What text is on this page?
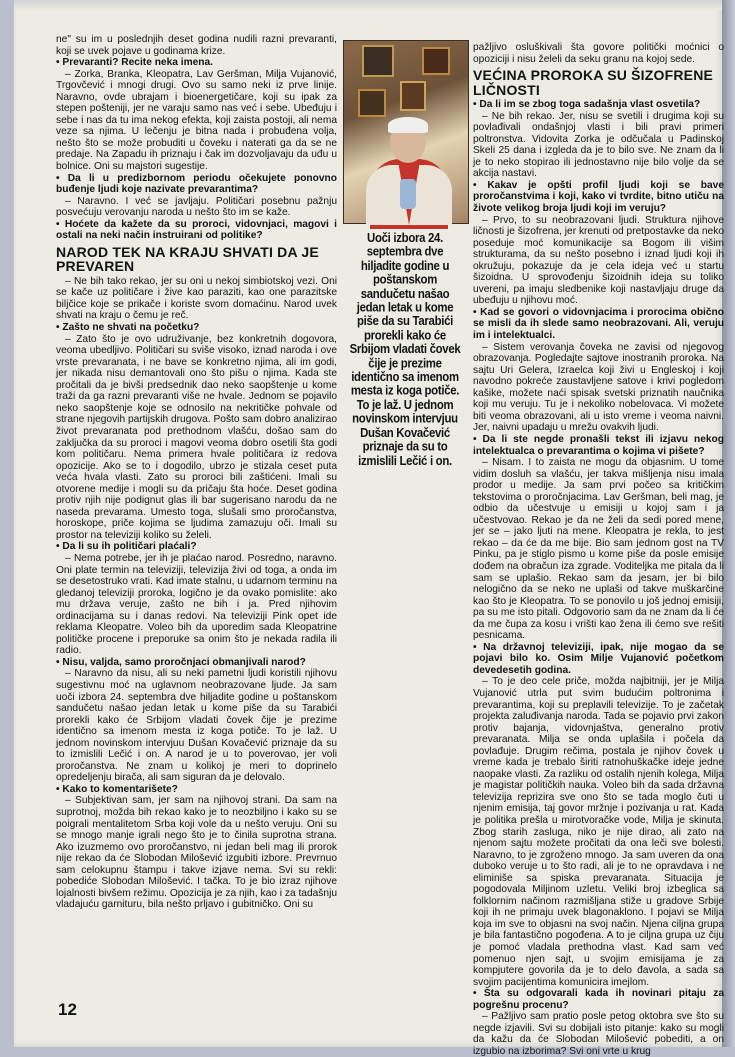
ne" su im u poslednjih deset godina nudili razni prevaranti, koji se uvek pojave u godinama krize.

• Prevaranti? Recite neka imena.

– Zorka, Branka, Kleopatra, Lav Geršman, Milja Vujanović, Trgovčević i mnogi drugi. Ovo su samo neki iz prve linije. Naravno, ovde ubrajam i bioenergetičare, koji su ipak za stepen poštеniji, jer ne varaju samo nas već i sebe. Ubeđuju i sebe i nas da tu ima nekog efekta, koji zaista postoji, ali nema veze sa njima. U lečenju je bitna nada i probuđena volja, nešto što se može probuditi u čoveku i naterati ga da se ne predaje. Na Zapadu ih priznaju i čak im dozvoljavaju da uđu u bolnice. Oni su majstori sugestije.

• Da li u predizbornom periodu očekujete ponovno buđenje ljudi koje nazivate prevarantima?

– Naravno. I već se javljaju. Političari posebnu pažnju posvećuju verovanju naroda u nešto što im se kaže.

• Hoćete da kažete da su proroci, vidovnjaci, magovi i ostali na neki način instruirani od politike?

NAROD TEK NA KRAJU SHVATI DA JE PREVAREN

– Ne bih tako rekao, jer su oni u nekoj simbiotskoj vezi. Oni se kače uz političare i žive kao paraziti, kao one parazitske biljčice koje se prikače i koriste svom domaćinu. Narod uvek shvati na kraju o čemu je reč.

• Zašto ne shvati na početku?

– Zato što je ovo udruživanje, bez konkretnih dogovora, veoma ubedljivo. Političari su sviše visoko, iznad naroda i ove vrste prevaranata, i ne bave se konkretno njima, ali im godi, jer nikada nisu demantovali ono što pišu o njima. Kada ste pročitali da je bivši predsednik dao neko saopštenje u kome traži da ga razni prevaranti više ne hvale. Jednom se pojavilo neko saopštenje koje se odnosilo na nekritičke pohvale od strane njegovih partijskih drugova. Pošto sam dobro analizirao život prevaranata pod prethodnom vlašću, došao sam do zaključka da su proroci i magovi veoma dobro osetili šta godi kom političaru. Nema primera hvale političara iz redova opozicije. Ako se to i dogodilo, ubrzo je stizala ceset puta veća hvala vlasti. Zato su proroci bili zaštićeni. Imali su otvorene medije i mogli su da pričaju šta hoće. Deset godina protiv njih nije podignut glas ili bar sugerisano narodu da ne naseda prevarama. Umesto toga, slušali smo proročanstva, horoskope, priče kojima se ljudima zamazuju oči. Imali su prostor na televiziji koliko su želeli.

• Da li su ih političari plaćali?

– Nema potrebe, jer ih je plaćao narod. Posredno, naravno. Oni plate termin na televiziji, televizija živi od toga, a onda im se desetostruko vrati. Kad imate stalnu, u udarnom terminu na gledanoj televiziji proroka, logično je da ovako pomislite: ako mu država veruje, zašto ne bih i ja. Pred njihovim ordinacijama su i danas redovi. Na televiziji Pink opet ide reklama Kleopatre. Voleo bih da uporedim sada Kleopatrine političke procene i preporuke sa onim što je nekada radila ili radio.

• Nisu, valjda, samo proročnjaci obmanjivali narod?

– Naravno da nisu, ali su neki pametni ljudi koristili njihovu sugestivnu moć na uglavnom neobrazovane ljude. Ja sam uoči izbora 24. septembra dve hiljadite godine u poštanskom sandučetu našao jedan letak u kome piše da su Tarabići prorekli kako će Srbijom vladati čovek čije je prezime identično sa imenom mesta iz koga potiče. To je laž. U jednom novinskom intervjuu Dušan Kovačević priznaje da su to izmislili Lečić i on. A narod je u to poverovao, jer voli proročanstva. Ne znam u kolikoj je meri to doprinelo opredeljenju birača, ali sam siguran da je delovalo.

• Kako to komentarišete?

– Subjektivan sam, jer sam na njihovoj strani. Da sam na suprotnoj, možda bih rekao kako je to neozbiljno i kako su se poigrali mentalitetom Srba koji vole da u nešto veruju. Oni su se mnogo manje igrali nego što je to činila suprotna strana. Ako izuzmemo ovo proročanstvo, ni jedan beli mag ili prorok nije rekao da će Slobodan Milošević izgubiti izbore. Prevrnuo sam celokupnu štampu i takve izjave nema. Svi su rekli: pobediće Slobodan Milošević. I tačka. To je bio izraz njihove lojalnosti bivšem režimu. Opozicija je za njih, kao i za tadašnju vladajuću garnituru, bila nešto prljavo i gubitničko. Oni su

Uoči izbora 24. septembra dve hiljadite godine u poštanskom sandučetu našao jedan letak u kome piše da su Tarabići prorekli kako će Srbijom vladati čovek čije je prezime identično sa imenom mesta iz koga potiče. To je laž. U jednom novinskom intervjuu Dušan Kovačević priznaje da su to izmislili Lečić i on.

pažljivo osluškivali šta govore politički moćnici o opoziciji i nisu želeli da seku granu na kojoj sede.

VEĆINA PROROKA SU ŠIZOFRENE LIČNOSTI

• Da li im se zbog toga sadašnja vlast osvetila?

– Ne bih rekao. Jer, nisu se svetili i drugima koji su povlađivali ondašnjoj vlasti i bili pravi primeri poltronstva. Vidovita Zorka je odčučala u Padinskoj Skeli 25 dana i izgleda da je to bilo sve. Ne znam da li je to neko stopirao ili jednostavno nije bilo volje da se akcija nastavi.

• Kakav je opšti profil ljudi koji se bave proročanstvima i koji, kako vi tvrdite, bitno utiču na živote velikog broja ljudi koji im veruju?

– Prvo, to su neobrazovani ljudi. Struktura njihove ličnosti je šizofrena, jer krenuti od pretpostavke da neko poseduje moć komunikacije sa Bogom ili višim strukturama, da su nešto posebno i iznad ljudi koji ih okružuju, pokazuje da je cela ideja već u startu šizoidna. U sprovođenju šizoidnih ideja su toliko uvereni, pa imaju sledbenike koji nastavljaju druge da ubeđuju u njihovu moć.

• Kad se govori o vidovnjacima i prorocima obično se misli da ih slede samo neobrazovani. Ali, veruju im i intelektualci.

– Sistem verovanja čoveka ne zavisi od njegovog obrazovanja. Pogledajte sajtove inostranih proroka. Na sajtu Uri Gelera, Izraelca koji živi u Engleskoj i koji navodno pokreće zaustavljene satove i krivi pogledom kašike, možete naći spisak svetski priznatih naučnika koji mu veruju. Tu je i nekoliko nobelovaca. Vi možete biti veoma obrazovani, ali u isto vreme i veoma naivni. Jer, naivni upadaju u mrežu ovakvih ljudi.

• Da li ste negde pronašli tekst ili izjavu nekog intelektualca o prevarantima o kojima vi pišete?

– Nisam. I to zaista ne mogu da objasnim. U tome vidim dosluh sa vlašću, jer takva mišljenja nisu imala prodor u medije. Ja sam prvi počeo sa kritičkim tekstovima o proročnjacima. Lav Geršman, beli mag, je odbio da učestvuje u emisiji u kojoj sam i ja učestvovao. Rekao je da ne želi da sedi pored mene, jer se – jako ljuti na mene. Kleopatra je rekla, to jest rekao – da će da me bije. Bio sam jednom gost na TV Pinku, pa je stiglo pismo u kome piše da posle emisije dođem na obračun iza zgrade. Voditeljka me pitala da li sam se uplašio. Rekao sam da jesam, jer bi bilo nelogično da se neko ne uplaši od takve muškarčine kao što je Kleopatra. To se ponovilo u još jednoj emisiji, pa su me isto pitali. Odgovorio sam da ne znam da li će da me čupa za kosu i vrišti kao žena ili ćemo sve rešiti pesnicama.

• Na državnoj televiziji, ipak, nije mogao da se pojavi bilo ko. Osim Milje Vujanović početkom devedesetih godina.

– To je deo cele priče, možda najbitniji, jer je Milja Vujanović utrla put svim budućim poltronima i prevarantima, koji su preplavili televizije. To je začetak projekta zaluđivanja naroda. Tada se pojavio prvi zakon protiv bajanja, vidovnjaštva, generalno protiv prevaranata. Milja se onda uplašila i počela da povlađuje. Drugim rečima, postala je njihov čovek u vreme kada je trebalo širiti ratnohuškačke ideje jedne naopake vlasti. Za razliku od ostalih njenih kolega, Milja je magistar političkih nauka. Voleo bih da sada državna televizija reprizira sve ono što se tada moglo čuti u njenim emisija, taj govor mržnje i pozivanja u rat. Kada je politika prešla u mirotvoračke vode, Milja je skinuta. Zbog starih zasluga, niko je nije dirao, ali zato na njenom sajtu možete pročitati da ona leči sve bolesti. Naravno, to je zgroženo mnogo. Ja sam uveren da ona duboko veruje u to što radi, ali je to ne opravdava i ne eliminiše sa spiska prevaranata. Situacija je pogodovala Miljinom uzletu. Veliki broj izbeglica sa folklornim načinom razmišljana stiže u gradove Srbije koji ih ne primaju uvek blagonaklono. I pojavi se Milja koja im sve to objasni na svoj način. Njena ciljna grupa je bila fantastično pogođena. A to je ciljna grupa uz čiju je pomoć vladala prethodna vlast. Kad sam već pomenuo njen sajt, u svojim emisijama je za kompjutere govorila da je to delo đavola, a sada sa svojim pacijentima komunicira imejlom.

• Šta su odgovarali kada ih novinari pitaju za pogrešnu procenu?

– Pažljivo sam pratio posle petog oktobra sve što su negde izjavili. Svi su dobijali isto pitanje: kako su mogli da kažu da će Slobodan Milošević pobediti, a on izgubio na izborima? Svi oni vrte u krug

12
